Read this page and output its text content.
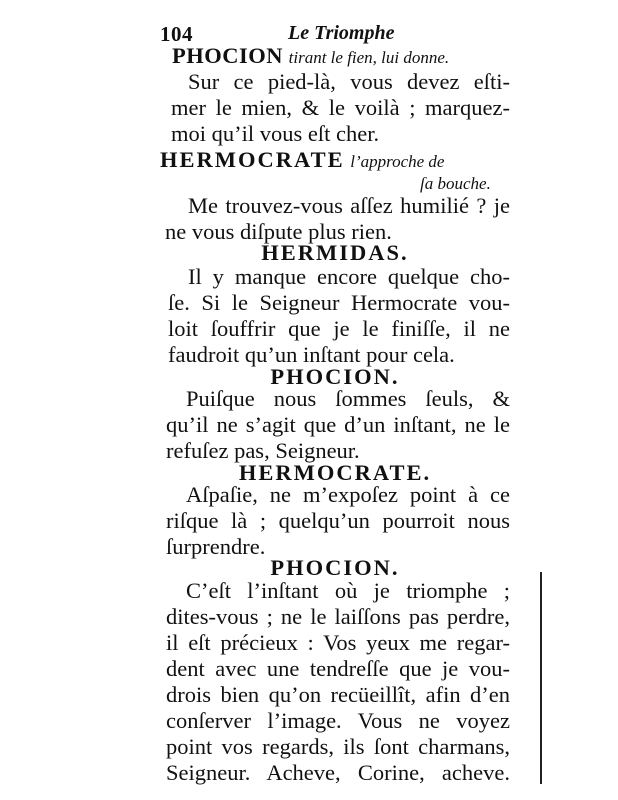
104	Le Triomphe
PHOCION tirant le fien, lui donne.
Sur ce pied-là, vous devez eſti-
mer le mien, & le voilà ; marquez-
moi qu’il vous eſt cher.
HERMOCRATE l’approche de
ſa bouche.
Me trouvez-vous aſſez humilié ? je
ne vous diſpute plus rien.
HERMIDAS.
Il y manque encore quelque cho-
ſe. Si le Seigneur Hermocrate vou-
loit ſouffrir que je le finiſſe, il ne
faudroit qu’un inſtant pour cela.
PHOCION.
Puiſque nous ſommes ſeuls, &
qu’il ne s’agit que d’un inſtant, ne le
refuſez pas, Seigneur.
HERMOCRATE.
Aſpaſie, ne m’expoſez point à ce
riſque là ; quelqu’un pourroit nous
ſurprendre.
PHOCION.
C’eſt l’inſtant où je triomphe ;
dites-vous ; ne le laiſſons pas perdre,
il eſt précieux : Vos yeux me regar-
dent avec une tendreſſe que je vou-
drois bien qu’on recüeillît, afin d’en
conſerver l’image. Vous ne voyez
point vos regards, ils ſont charmans,
Seigneur. Acheve, Corine, acheve.
